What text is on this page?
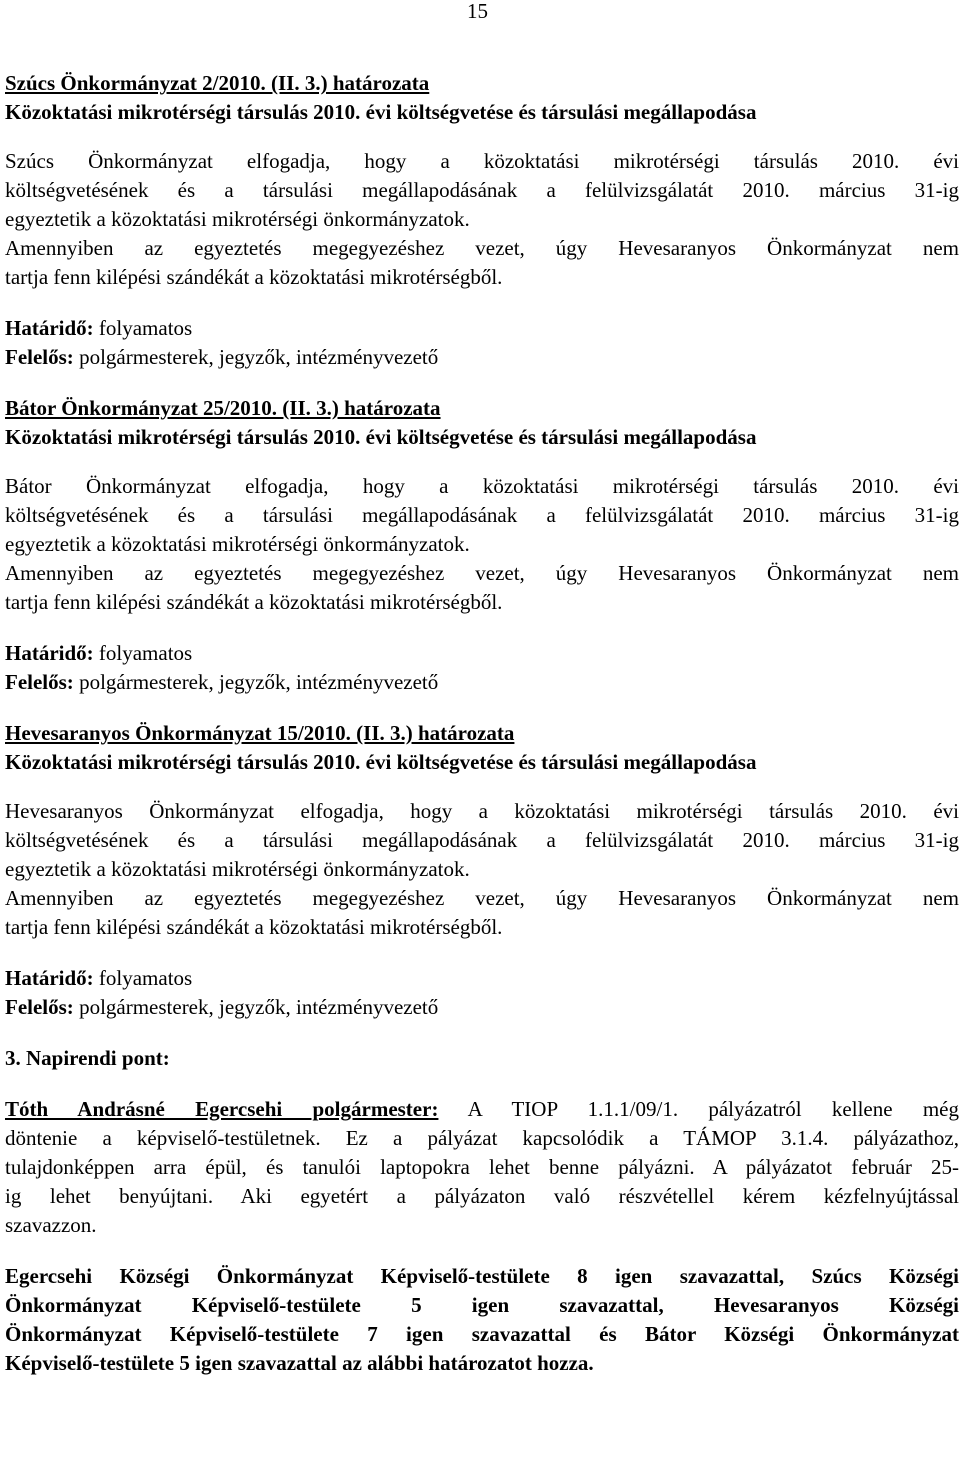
15
Szúcs Önkormányzat 2/2010. (II. 3.) határozata
Közoktatási mikrotérségi társulás 2010. évi költségvetése és társulási megállapodása
Szúcs Önkormányzat elfogadja, hogy a közoktatási mikrotérségi társulás 2010. évi
költségvetésének és a társulási megállapodásának a felülvizsgálatát 2010. március 31-ig
egyeztetik a közoktatási mikrotérségi önkormányzatok.
Amennyiben az egyeztetés megegyezéshez vezet, úgy Hevesaranyos Önkormányzat nem
tartja fenn kilépési szándékát a közoktatási mikrotérségből.
Határidő: folyamatos
Felelős: polgármesterek, jegyzők, intézményvezető
Bátor Önkormányzat 25/2010. (II. 3.) határozata
Közoktatási mikrotérségi társulás 2010. évi költségvetése és társulási megállapodása
Bátor Önkormányzat elfogadja, hogy a közoktatási mikrotérségi társulás 2010. évi
költségvetésének és a társulási megállapodásának a felülvizsgálatát 2010. március 31-ig
egyeztetik a közoktatási mikrotérségi önkormányzatok.
Amennyiben az egyeztetés megegyezéshez vezet, úgy Hevesaranyos Önkormányzat nem
tartja fenn kilépési szándékát a közoktatási mikrotérségből.
Határidő: folyamatos
Felelős: polgármesterek, jegyzők, intézményvezető
Hevesaranyos Önkormányzat 15/2010. (II. 3.) határozata
Közoktatási mikrotérségi társulás 2010. évi költségvetése és társulási megállapodása
Hevesaranyos Önkormányzat elfogadja, hogy a közoktatási mikrotérségi társulás 2010. évi
költségvetésének és a társulási megállapodásának a felülvizsgálatát 2010. március 31-ig
egyeztetik a közoktatási mikrotérségi önkormányzatok.
Amennyiben az egyeztetés megegyezéshez vezet, úgy Hevesaranyos Önkormányzat nem
tartja fenn kilépési szándékát a közoktatási mikrotérségből.
Határidő: folyamatos
Felelős: polgármesterek, jegyzők, intézményvezető
3. Napirendi pont:
Tóth Andrásné Egercsehi polgármester: A TIOP 1.1.1/09/1. pályázatról kellene még
döntenie a képviselő-testületnek. Ez a pályázat kapcsolódik a TÁMOP 3.1.4. pályázathoz,
tulajdonképpen arra épül, és tanulói laptopokra lehet benne pályázni. A pályázatot február 25-
ig lehet benyújtani. Aki egyetért a pályázaton való részvétellel kérem kézfelnyújtással
szavazzon.
Egercsehi Községi Önkormányzat Képviselő-testülete 8 igen szavazattal, Szúcs Községi
Önkormányzat Képviselő-testülete 5 igen szavazattal, Hevesaranyos Községi
Önkormányzat Képviselő-testülete 7 igen szavazattal és Bátor Községi Önkormányzat
Képviselő-testülete 5 igen szavazattal az alábbi határozatot hozza.
